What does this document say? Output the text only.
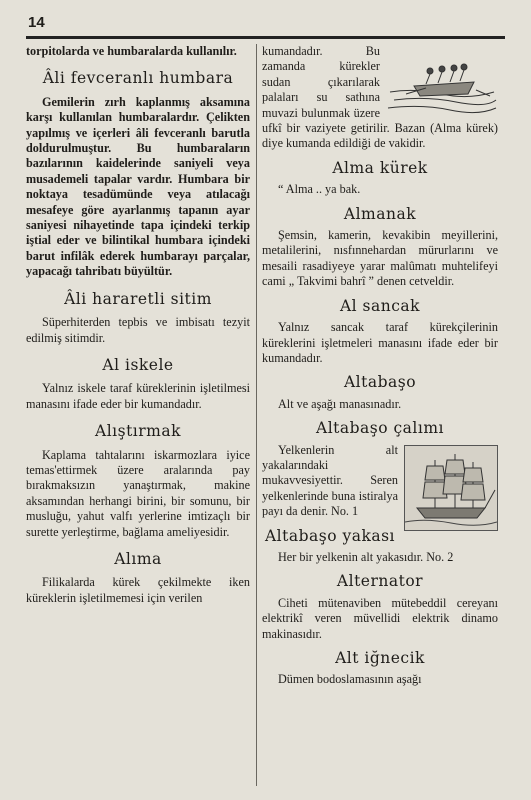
14

torpitolarda ve humbaralarda kullanılır.

Âli fevceranlı humbara

Gemilerin zırh kaplanmış aksamına karşı kullanılan humbaralardır. Çelikten yapılmış ve içerleri âli fevceranlı barutla doldurulmuştur. Bu humbaraların bazılarının kaidelerinde saniyeli veya musademeli tapalar vardır. Humbara bir noktaya tesadümünde veya atılacağı mesafeye göre ayarlanmış tapanın ayar saniyesi nihayetinde tapa içindeki terkip iştial eder ve bilintikal humbara içindeki barut infilâk ederek humbarayı parçalar, yapacağı tahribatı büyültür.

Âli hararetli sitim

Süperhiterden tepbis ve imbisatı tezyit edilmiş sitimdir.

Al iskele

Yalnız iskele taraf küreklerinin işletilmesi manasını ifade eder bir kumandadır.

Alıştırmak

Kaplama tahtalarını iskarmozlara iyice temas'ettirmek üzere aralarında pay bırakmaksızın yanaştırmak, makine aksamından herhangi birini, bir somunu, bir musluğu, yahut valfı yerlerine imtizaçlı bir surette yerleştirme, bağlama ameliyesidir.

Alıma

Filikalarda kürek çekilmekte iken küreklerin işletilmemesi için verilen

kumandadır. Bu zamanda kürekler sudan çıkarılarak palaları su sathına muvazi bulunmak üzere ufkî bir vaziyete getirilir. Bazan (Alma kürek) diye kumanda edildiği de vakidir.

Alma kürek

“ Alma .. ya bak.

Almanak

Şemsin, kamerin, kevakibin meyillerini, metalilerini, nısfınnehardan mürurlarını ve mesaili rasadiyeye yarar malûmatı muhtelifeyi cami „ Takvimi bahrî ” denen cetveldir.

Al sancak

Yalnız sancak taraf kürekçilerinin küreklerini işletmeleri manasını ifade eder bir kumandadır.

Altabaşo

Alt ve aşağı manasınadır.

Altabaşo çalımı

Yelkenlerin alt yakalarındaki mukavvesiyettir. Seren yelkenlerinde buna istiralya payı da denir. No. 1

Altabaşo yakası

Her bir yelkenin alt yakasıdır. No. 2

Alternator

Ciheti mütenaviben mütebeddil cereyanı elektrikî veren müvellidi elektrik dinamo makinasıdır.

Alt iğnecik

Dümen bodoslamasının aşağı
